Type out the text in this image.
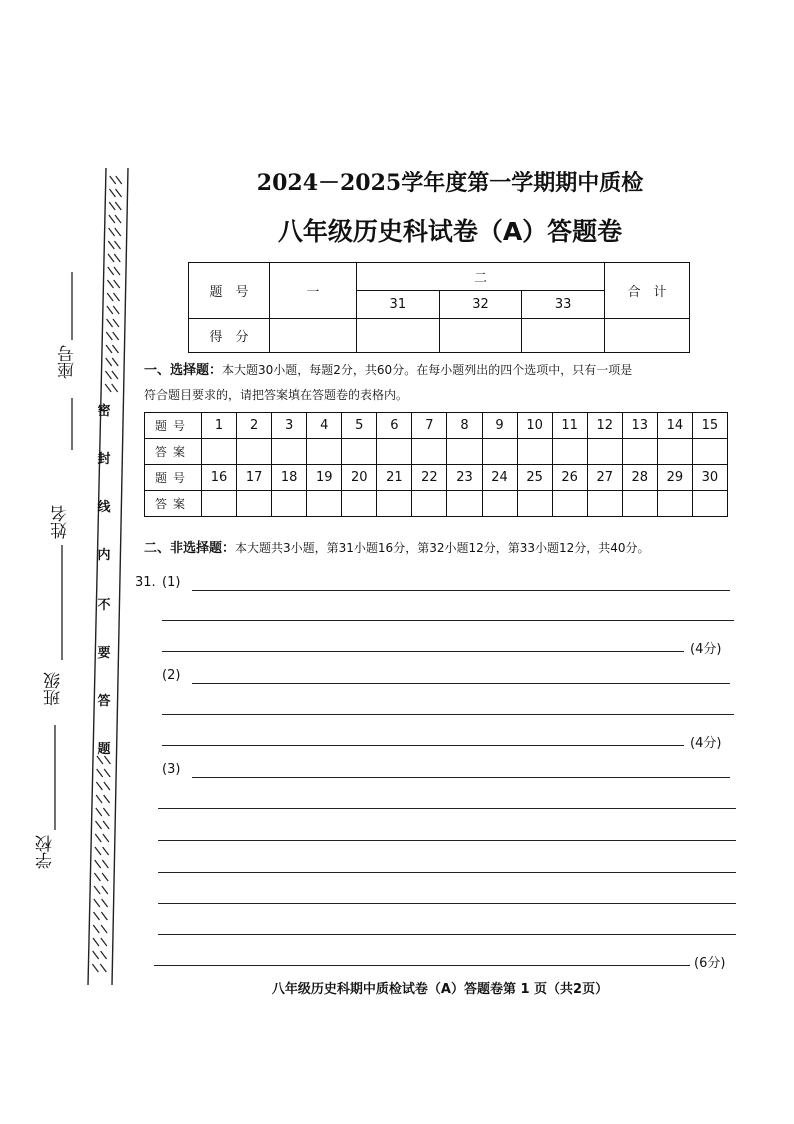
座号
姓名
班级
学校
密
封
线
内
不
要
答
题
2024－2025学年度第一学期期中质检
八年级历史科试卷（A）答题卷
题　号	一	二			合　计
		31	32	33	
得　分					
一、选择题：本大题30小题，每题2分，共60分。在每小题列出的四个选项中，只有一项是
符合题目要求的，请把答案填在答题卷的表格内。
题号	1	2	3	4	5	6	7	8	9	10	11	12	13	14	15
答案															
题号	16	17	18	19	20	21	22	23	24	25	26	27	28	29	30
答案															
二、非选择题：本大题共3小题，第31小题16分，第32小题12分，第33小题12分，共40分。
31. (1)
(4分)
(2)
(4分)
(3)
(6分)
八年级历史科期中质检试卷（A）答题卷第 1 页（共2页）
